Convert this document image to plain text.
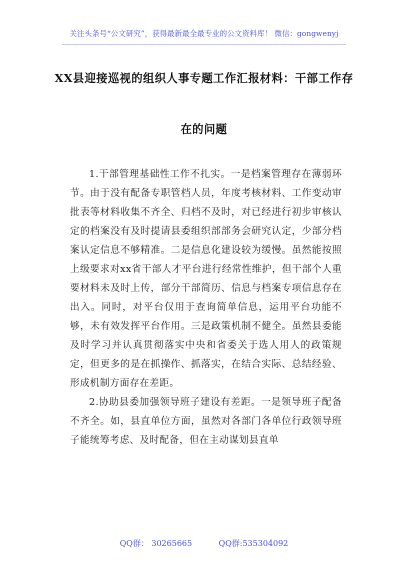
关注头条号“公文研究”，获得最新最全最专业的公文资料库！ 微信：gongwenyj
XX县迎接巡视的组织人事专题工作汇报材料：干部工作存
在的问题

1.干部管理基础性工作不扎实。一是档案管理存在薄弱环节。由于没有配备专职管档人员，年度考核材料、工作变动审批表等材料收集不齐全、归档不及时，对已经进行初步审核认定的档案没有及时提请县委组织部部务会研究认定，少部分档案认定信息不够精准。二是信息化建设较为缓慢。虽然能按照上级要求对xx省干部人才平台进行经常性维护，但干部个人重要材料未及时上传，部分干部简历、信息与档案专项信息存在出入。同时，对平台仅用于查询简单信息，运用平台功能不够，未有效发挥平台作用。三是政策机制不健全。虽然县委能及时学习并认真贯彻落实中央和省委关于选人用人的政策规定，但更多的是在抓操作、抓落实，在结合实际、总结经验、形成机制方面存在差距。

2.协助县委加强领导班子建设有差距。一是领导班子配备不齐全。如，县直单位方面，虽然对各部门各单位行政领导班子能统筹考虑、及时配备，但在主动谋划县直单

QQ群： 30265665	QQ群:535304092
